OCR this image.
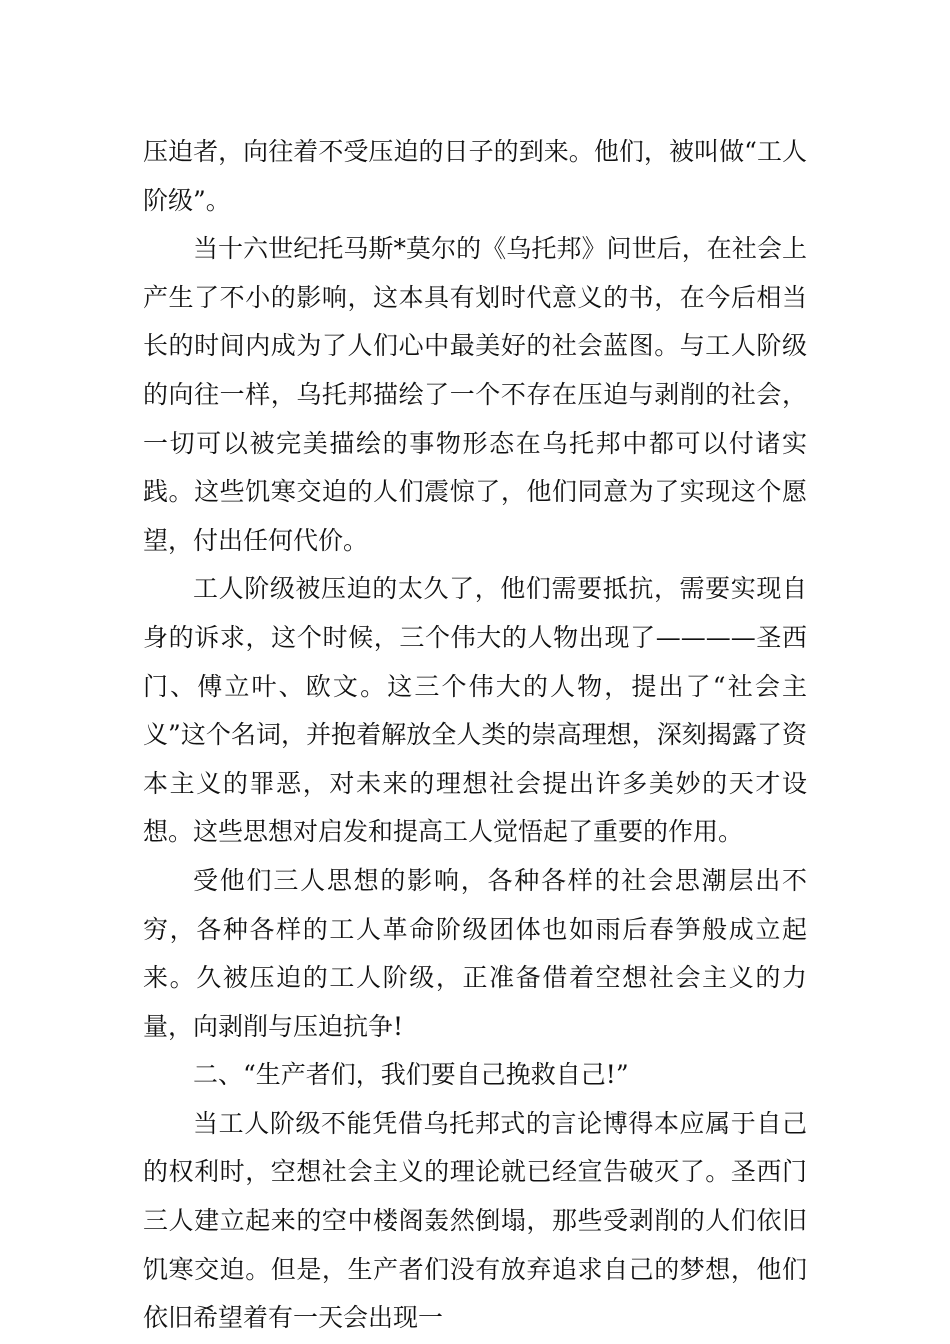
压迫者，向往着不受压迫的日子的到来。他们，被叫做“工人阶级”。

当十六世纪托马斯*莫尔的《乌托邦》问世后，在社会上产生了不小的影响，这本具有划时代意义的书，在今后相当长的时间内成为了人们心中最美好的社会蓝图。与工人阶级的向往一样，乌托邦描绘了一个不存在压迫与剥削的社会，一切可以被完美描绘的事物形态在乌托邦中都可以付诸实践。这些饥寒交迫的人们震惊了，他们同意为了实现这个愿望，付出任何代价。

工人阶级被压迫的太久了，他们需要抵抗，需要实现自身的诉求，这个时候，三个伟大的人物出现了————圣西门、傅立叶、欧文。这三个伟大的人物，提出了“社会主义”这个名词，并抱着解放全人类的崇高理想，深刻揭露了资本主义的罪恶，对未来的理想社会提出许多美妙的天才设想。这些思想对启发和提高工人觉悟起了重要的作用。

受他们三人思想的影响，各种各样的社会思潮层出不穷，各种各样的工人革命阶级团体也如雨后春笋般成立起来。久被压迫的工人阶级，正准备借着空想社会主义的力量，向剥削与压迫抗争!

二、“生产者们，我们要自己挽救自己!”

当工人阶级不能凭借乌托邦式的言论博得本应属于自己的权利时，空想社会主义的理论就已经宣告破灭了。圣西门三人建立起来的空中楼阁轰然倒塌，那些受剥削的人们依旧饥寒交迫。但是，生产者们没有放弃追求自己的梦想，他们依旧希望着有一天会出现一
